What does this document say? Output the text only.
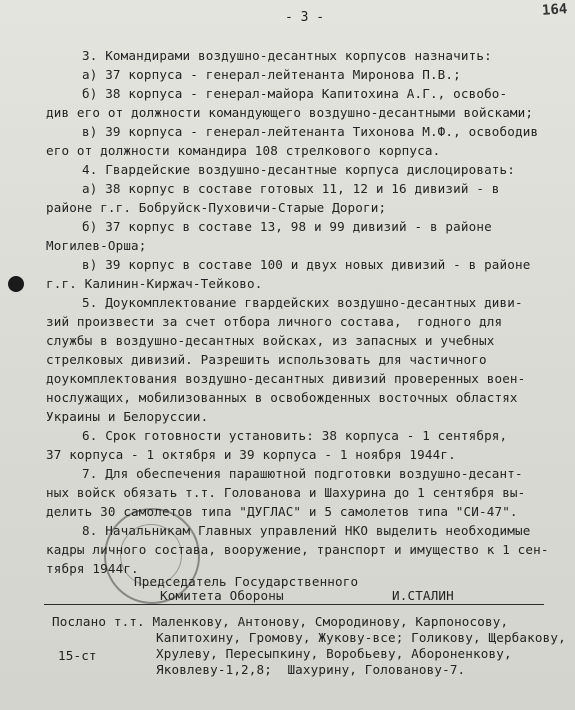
- 3 -	164
3. Командирами воздушно-десантных корпусов назначить:
а) 37 корпуса - генерал-лейтенанта Миронова П.В.;
б) 38 корпуса - генерал-майора Капитохина А.Г., освобо-
див его от должности командующего воздушно-десантными войсками;
в) 39 корпуса - генерал-лейтенанта Тихонова М.Ф., освободив
его от должности командира 108 стрелкового корпуса.
4. Гвардейские воздушно-десантные корпуса дислоцировать:
а) 38 корпус в составе готовых 11, 12 и 16 дивизий - в
районе г.г. Бобруйск-Пуховичи-Старые Дороги;
б) 37 корпус в составе 13, 98 и 99 дивизий - в районе
Могилев-Орша;
в) 39 корпус в составе 100 и двух новых дивизий - в районе
г.г. Калинин-Киржач-Тейково.
5. Доукомплектование гвардейских воздушно-десантных диви-
зий произвести за счет отбора личного состава,  годного для
службы в воздушно-десантных войсках, из запасных и учебных
стрелковых дивизий. Разрешить использовать для частичного
доукомплектования воздушно-десантных дивизий проверенных воен-
нослужащих, мобилизованных в освобожденных восточных областях
Украины и Белоруссии.
6. Срок готовности установить: 38 корпуса - 1 сентября,
37 корпуса - 1 октября и 39 корпуса - 1 ноября 1944г.
7. Для обеспечения парашютной подготовки воздушно-десант-
ных войск обязать т.т. Голованова и Шахурина до 1 сентября вы-
делить 30 самолетов типа "ДУГЛАС" и 5 самолетов типа "СИ-47".
8. Начальникам Главных управлений НКО выделить необходимые
кадры личного состава, вооружение, транспорт и имущество к 1 сен-
тября 1944г.
Председатель Государственного
Комитета Обороны	И.СТАЛИН
Послано т.т. Маленкову, Антонову, Смородинову, Карпоносову,
Капитохину, Громову, Жукову-все; Голикову, Щербакову,
Хрулеву, Пересыпкину, Воробьеву, Абороненкову,
Яковлеву-1,2,8;  Шахурину, Голованову-7.
15-ст
